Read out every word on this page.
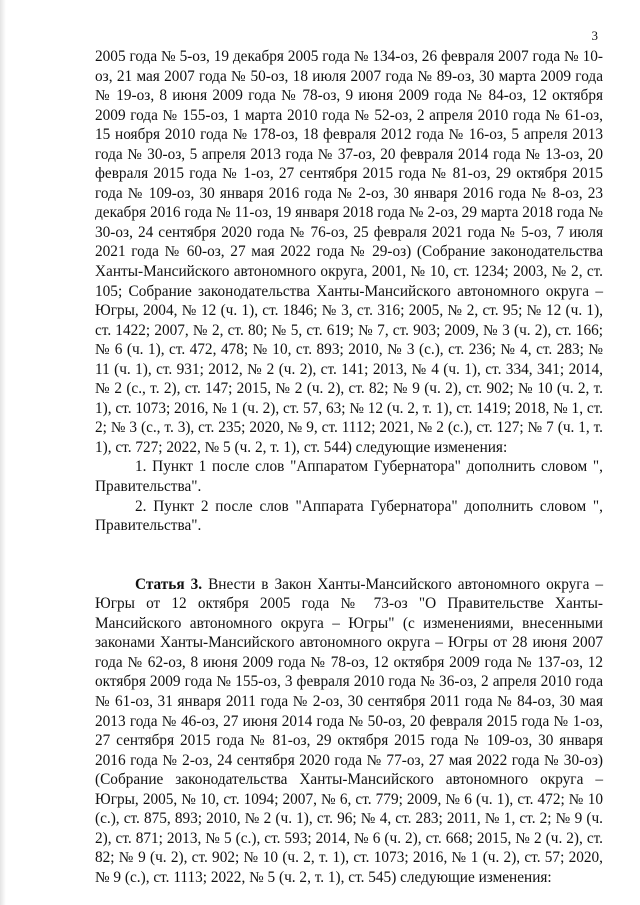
3

2005 года № 5-оз, 19 декабря 2005 года № 134-оз, 26 февраля 2007 года № 10-оз, 21 мая 2007 года № 50-оз, 18 июля 2007 года № 89-оз, 30 марта 2009 года № 19-оз, 8 июня 2009 года № 78-оз, 9 июня 2009 года № 84-оз, 12 октября 2009 года № 155-оз, 1 марта 2010 года № 52-оз, 2 апреля 2010 года № 61-оз, 15 ноября 2010 года № 178-оз, 18 февраля 2012 года № 16-оз, 5 апреля 2013 года № 30-оз, 5 апреля 2013 года № 37-оз, 20 февраля 2014 года № 13-оз, 20 февраля 2015 года № 1-оз, 27 сентября 2015 года № 81-оз, 29 октября 2015 года № 109-оз, 30 января 2016 года № 2-оз, 30 января 2016 года № 8-оз, 23 декабря 2016 года № 11-оз, 19 января 2018 года № 2-оз, 29 марта 2018 года № 30-оз, 24 сентября 2020 года № 76-оз, 25 февраля 2021 года № 5-оз, 7 июля 2021 года № 60-оз, 27 мая 2022 года № 29-оз) (Собрание законодательства Ханты-Мансийского автономного округа, 2001, № 10, ст. 1234; 2003, № 2, ст. 105; Собрание законодательства Ханты-Мансийского автономного округа – Югры, 2004, № 12 (ч. 1), ст. 1846; № 3, ст. 316; 2005, № 2, ст. 95; № 12 (ч. 1), ст. 1422; 2007, № 2, ст. 80; № 5, ст. 619; № 7, ст. 903; 2009, № 3 (ч. 2), ст. 166; № 6 (ч. 1), ст. 472, 478; № 10, ст. 893; 2010, № 3 (с.), ст. 236; № 4, ст. 283; № 11 (ч. 1), ст. 931; 2012, № 2 (ч. 2), ст. 141; 2013, № 4 (ч. 1), ст. 334, 341; 2014, № 2 (с., т. 2), ст. 147; 2015, № 2 (ч. 2), ст. 82; № 9 (ч. 2), ст. 902; № 10 (ч. 2, т. 1), ст. 1073; 2016, № 1 (ч. 2), ст. 57, 63; № 12 (ч. 2, т. 1), ст. 1419; 2018, № 1, ст. 2; № 3 (с., т. 3), ст. 235; 2020, № 9, ст. 1112; 2021, № 2 (с.), ст. 127; № 7 (ч. 1, т. 1), ст. 727; 2022, № 5 (ч. 2, т. 1), ст. 544) следующие изменения:

1. Пункт 1 после слов "Аппаратом Губернатора" дополнить словом ", Правительства".

2. Пункт 2 после слов "Аппарата Губернатора" дополнить словом ", Правительства".

Статья 3. Внести в Закон Ханты-Мансийского автономного округа – Югры от 12 октября 2005 года № 73-оз "О Правительстве Ханты-Мансийского автономного округа – Югры" (с изменениями, внесенными законами Ханты-Мансийского автономного округа – Югры от 28 июня 2007 года № 62-оз, 8 июня 2009 года № 78-оз, 12 октября 2009 года № 137-оз, 12 октября 2009 года № 155-оз, 3 февраля 2010 года № 36-оз, 2 апреля 2010 года № 61-оз, 31 января 2011 года № 2-оз, 30 сентября 2011 года № 84-оз, 30 мая 2013 года № 46-оз, 27 июня 2014 года № 50-оз, 20 февраля 2015 года № 1-оз, 27 сентября 2015 года № 81-оз, 29 октября 2015 года № 109-оз, 30 января 2016 года № 2-оз, 24 сентября 2020 года № 77-оз, 27 мая 2022 года № 30-оз) (Собрание законодательства Ханты-Мансийского автономного округа – Югры, 2005, № 10, ст. 1094; 2007, № 6, ст. 779; 2009, № 6 (ч. 1), ст. 472; № 10 (с.), ст. 875, 893; 2010, № 2 (ч. 1), ст. 96; № 4, ст. 283; 2011, № 1, ст. 2; № 9 (ч. 2), ст. 871; 2013, № 5 (с.), ст. 593; 2014, № 6 (ч. 2), ст. 668; 2015, № 2 (ч. 2), ст. 82; № 9 (ч. 2), ст. 902; № 10 (ч. 2, т. 1), ст. 1073; 2016, № 1 (ч. 2), ст. 57; 2020, № 9 (с.), ст. 1113; 2022, № 5 (ч. 2, т. 1), ст. 545) следующие изменения:
